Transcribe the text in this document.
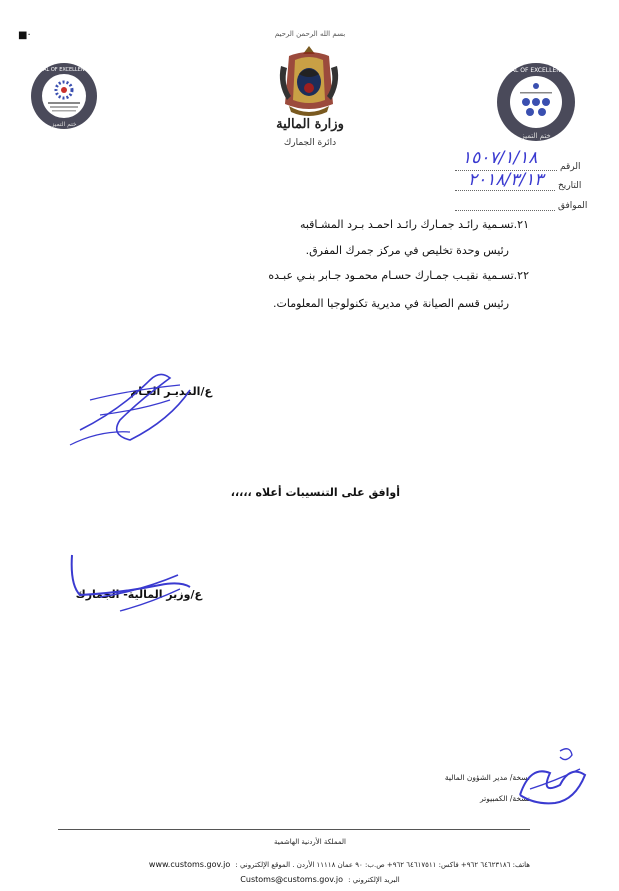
■·	بسم الله الرحمن الرحيم
وزارة المالية
دائرة الجمارك
SEAL OF EXCELLENCE
ختم التميز
SEAL OF EXCELLENCE
ختم التميز
الرقم
١٥٠٧/١/١٨
التاريخ
٢٠١٨/٣/١٣
الموافق
٢١.تسـمية رائـد جمـارك رائـد احمـد بـرد المشـاقبه
رئيس وحدة تخليص في مركز جمرك المفرق.
٢٢.تسـمية نقيـب جمـارك حسـام محمـود جـابر بنـي عبـده
رئيس قسم الصيانة في مديرية تكنولوجيا المعلومات.
ع/المديـر العـام
أوافق على التنسيبات أعلاه ،،،،،
ع/وزير المالية- الجمارك
نسخة/ مدير الشؤون المالية
نسخة/ الكمبيوتر
المملكة الأردنية الهاشمية
www.customs.gov.jo هاتف: ٦٤٦٢٣١٨٦ ٩٦٢+ فاكس: ٦٤٦١٧٥١١ ٩٦٢+ ص.ب: ٩٠ عمان ١١١١٨ الأردن . الموقع الإلكتروني :
Customs@customs.gov.jo البريد الإلكتروني :
